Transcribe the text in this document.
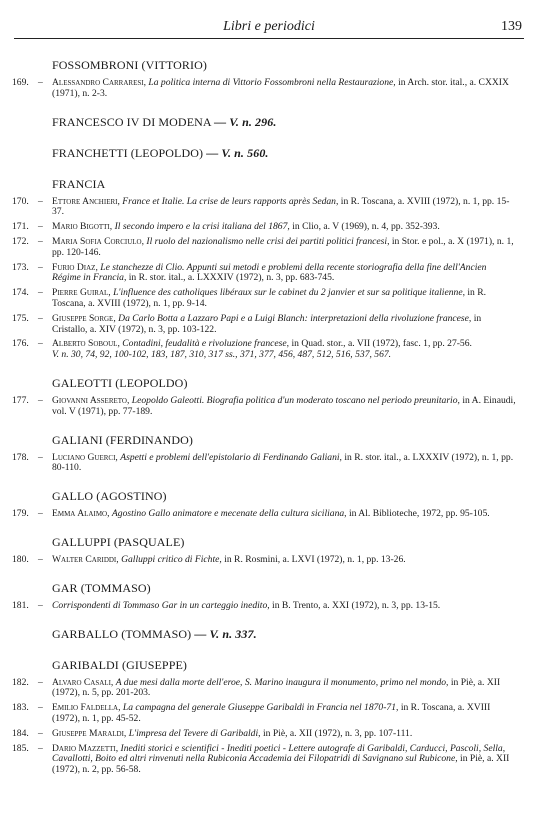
Libri e periodici	139
FOSSOMBRONI (VITTORIO)
169. – Alessandro Carraresi, La politica interna di Vittorio Fossombroni nella Restaurazione, in Arch. stor. ital., a. CXXIX (1971), n. 2-3.
FRANCESCO IV DI MODENA — V. n. 296.
FRANCHETTI (LEOPOLDO) — V. n. 560.
FRANCIA
170. – Ettore Anchieri, France et Italie. La crise de leurs rapports après Sedan, in R. Toscana, a. XVIII (1972), n. 1, pp. 15-37.
171. – Mario Bigotti, Il secondo impero e la crisi italiana del 1867, in Clio, a. V (1969), n. 4, pp. 352-393.
172. – Maria Sofia Corciulo, Il ruolo del nazionalismo nelle crisi dei partiti politici francesi, in Stor. e pol., a. X (1971), n. 1, pp. 120-146.
173. – Furio Diaz, Le stanchezze di Clio. Appunti sui metodi e problemi della recente storiografia della fine dell'Ancien Régime in Francia, in R. stor. ital., a. LXXXIV (1972), n. 3, pp. 683-745.
174. – Pierre Guiral, L'influence des catholiques libéraux sur le cabinet du 2 janvier et sur sa politique italienne, in R. Toscana, a. XVIII (1972), n. 1, pp. 9-14.
175. – Giuseppe Sorge, Da Carlo Botta a Lazzaro Papi e a Luigi Blanch: interpretazioni della rivoluzione francese, in Cristallo, a. XIV (1972), n. 3, pp. 103-122.
176. – Alberto Soboul, Contadini, feudalità e rivoluzione francese, in Quad. stor., a. VII (1972), fasc. 1, pp. 27-56.
V. n. 30, 74, 92, 100-102, 183, 187, 310, 317 ss., 371, 377, 456, 487, 512, 516, 537, 567.
GALEOTTI (LEOPOLDO)
177. – Giovanni Assereto, Leopoldo Galeotti. Biografia politica d'un moderato toscano nel periodo preunitario, in A. Einaudi, vol. V (1971), pp. 77-189.
GALIANI (FERDINANDO)
178. – Luciano Guerci, Aspetti e problemi dell'epistolario di Ferdinando Galiani, in R. stor. ital., a. LXXXIV (1972), n. 1, pp. 80-110.
GALLO (AGOSTINO)
179. – Emma Alaimo, Agostino Gallo animatore e mecenate della cultura siciliana, in Al. Biblioteche, 1972, pp. 95-105.
GALLUPPI (PASQUALE)
180. – Walter Cariddi, Galluppi critico di Fichte, in R. Rosmini, a. LXVI (1972), n. 1, pp. 13-26.
GAR (TOMMASO)
181. – Corrispondenti di Tommaso Gar in un carteggio inedito, in B. Trento, a. XXI (1972), n. 3, pp. 13-15.
GARBALLO (TOMMASO) — V. n. 337.
GARIBALDI (GIUSEPPE)
182. – Alvaro Casali, A due mesi dalla morte dell'eroe, S. Marino inaugura il monumento, primo nel mondo, in Piè, a. XII (1972), n. 5, pp. 201-203.
183. – Emilio Faldella, La campagna del generale Giuseppe Garibaldi in Francia nel 1870-71, in R. Toscana, a. XVIII (1972), n. 1, pp. 45-52.
184. – Giuseppe Maraldi, L'impresa del Tevere di Garibaldi, in Piè, a. XII (1972), n. 3, pp. 107-111.
185. – Dario Mazzetti, Inediti storici e scientifici - Inediti poetici - Lettere autografe di Garibaldi, Carducci, Pascoli, Sella, Cavallotti, Boito ed altri rinvenuti nella Rubiconia Accademia dei Filopatridi di Savignano sul Rubicone, in Piè, a. XII (1972), n. 2, pp. 56-58.
